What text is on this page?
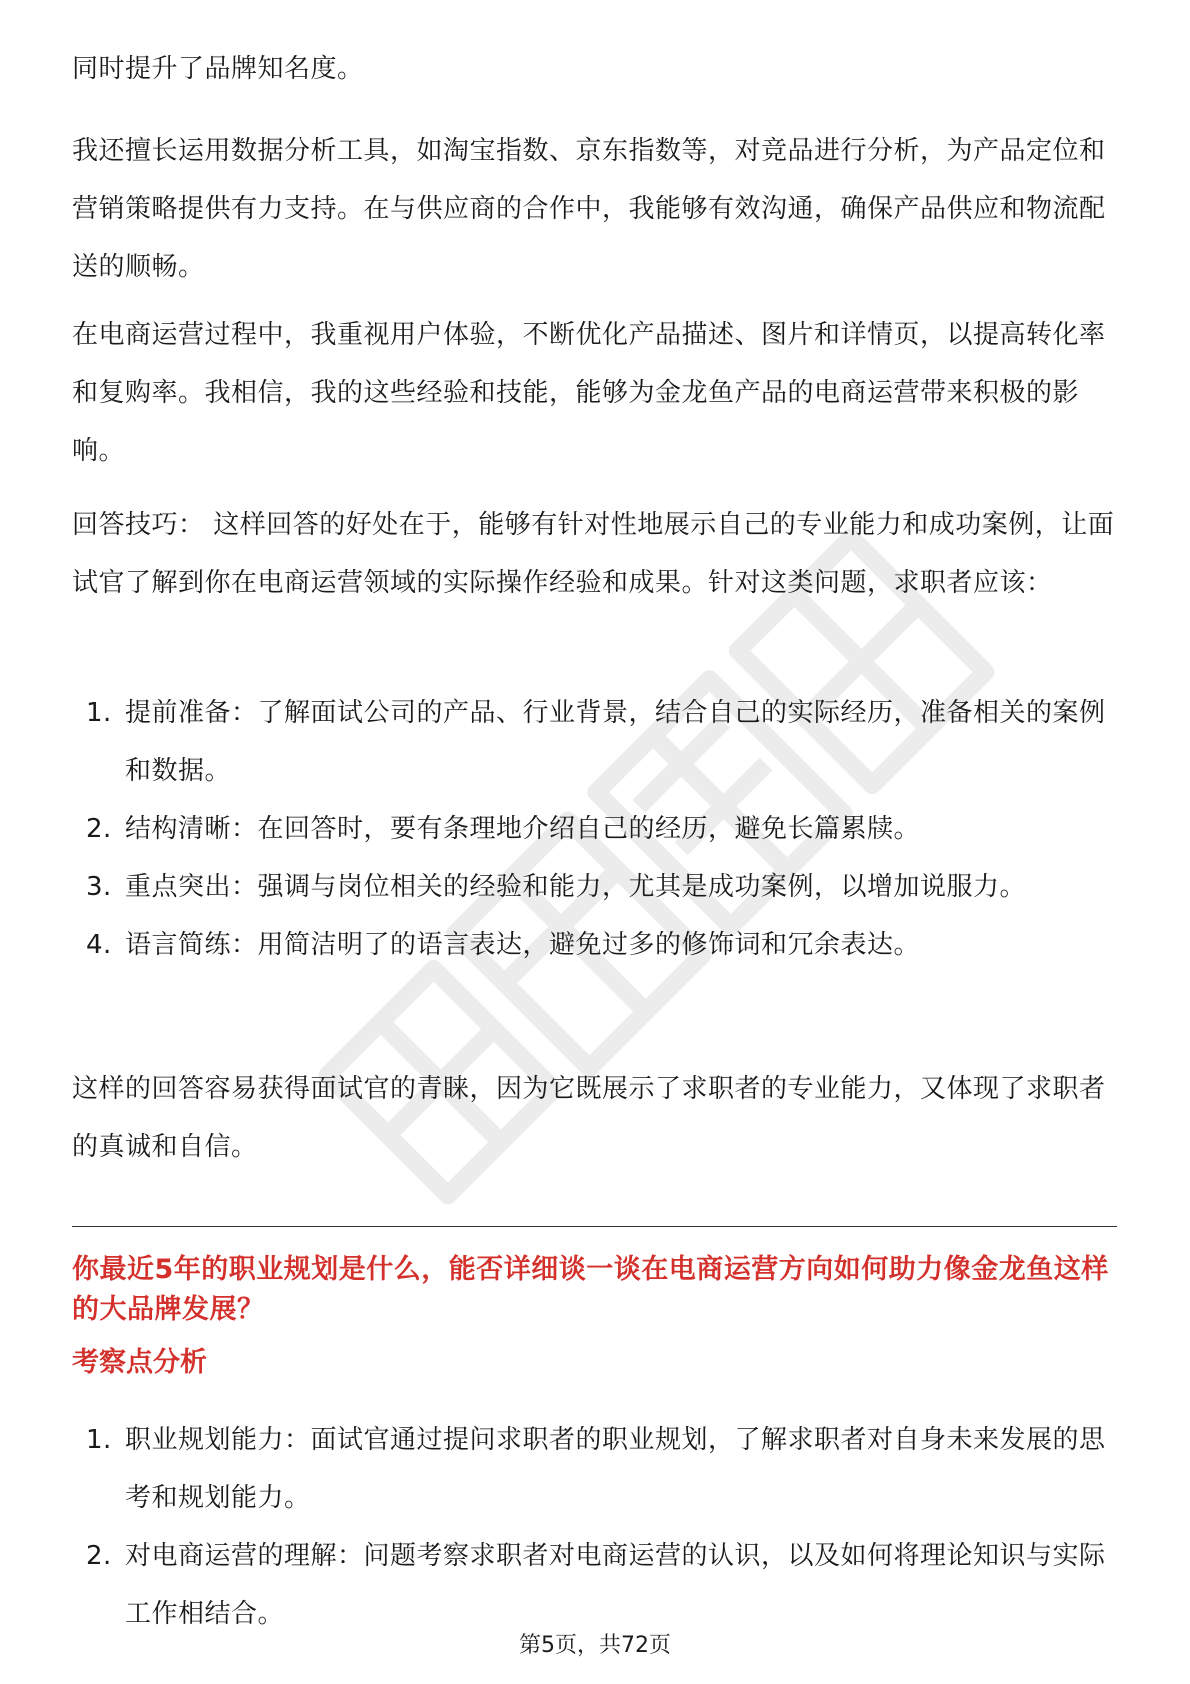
同时提升了品牌知名度。

我还擅长运用数据分析工具，如淘宝指数、京东指数等，对竞品进行分析，为产品定位和营销策略提供有力支持。在与供应商的合作中，我能够有效沟通，确保产品供应和物流配送的顺畅。

在电商运营过程中，我重视用户体验，不断优化产品描述、图片和详情页，以提高转化率和复购率。我相信，我的这些经验和技能，能够为金龙鱼产品的电商运营带来积极的影响。

回答技巧： 这样回答的好处在于，能够有针对性地展示自己的专业能力和成功案例，让面试官了解到你在电商运营领域的实际操作经验和成果。针对这类问题，求职者应该：

1. 提前准备：了解面试公司的产品、行业背景，结合自己的实际经历，准备相关的案例和数据。
2. 结构清晰：在回答时，要有条理地介绍自己的经历，避免长篇累牍。
3. 重点突出：强调与岗位相关的经验和能力，尤其是成功案例，以增加说服力。
4. 语言简练：用简洁明了的语言表达，避免过多的修饰词和冗余表达。

这样的回答容易获得面试官的青睐，因为它既展示了求职者的专业能力，又体现了求职者的真诚和自信。

你最近5年的职业规划是什么，能否详细谈一谈在电商运营方向如何助力像金龙鱼这样的大品牌发展？

考察点分析

1. 职业规划能力：面试官通过提问求职者的职业规划，了解求职者对自身未来发展的思考和规划能力。
2. 对电商运营的理解：问题考察求职者对电商运营的认识，以及如何将理论知识与实际工作相结合。
第5页，共72页
